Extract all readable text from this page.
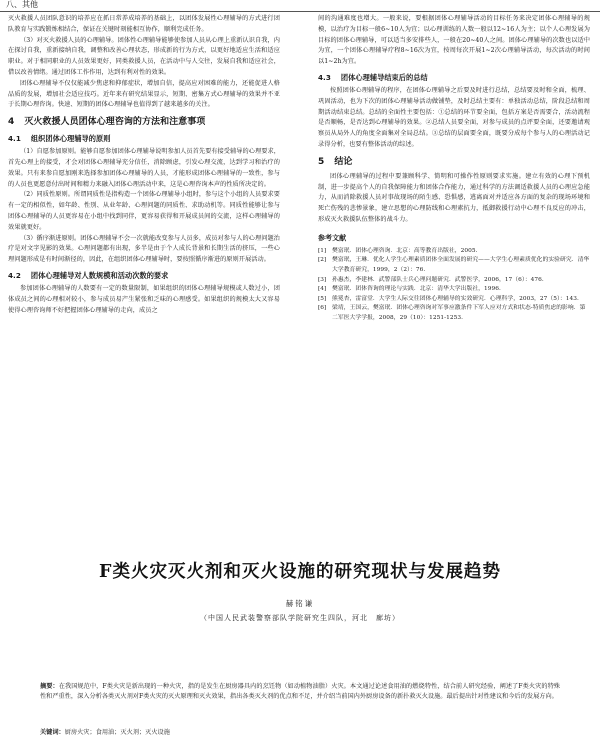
八、其他

灭火救援人员团队意识的培养应在抓日常养成培养的基础上，以团体发展性心理辅导的方式进行团队教育与实践锻炼相结合，保证在关键时刻能相互协作，顺利完成任务。

（3）对灭火救援人员的心理辅导。团体性心理辅导能够使参加人员从心理上重新认识自我，内在探讨自我，重新接纳自我，调整和改善心理状态，形成新的行为方式，以更好地适应生活和适应职业。对于相同职业的人员效果更好，同类救援人员，在活动中与人交往，发展自我和适应社会，借以改善情绪。通过团体工作作用，达到有利对性的效果。

团体心理辅导不仅仅能减少焦虑和抑郁症状，增加自信，提高应对困难的能力，还能促进人格品质的发展，增加社会适应技巧。近年来有研究结果显示，短期、密集方式心理辅导的效果并不亚于长期心理咨询。快速、短期的团体心理辅导也值得到了越来越多的关注。

4 灭火救援人员团体心理咨询的方法和注意事项
4.1 组织团体心理辅导的原则

（1）自愿参加原则。能够自愿参加团体心理辅导说明参加人员首先要有接受辅导的心理要求，首先心理上的接受，才会对团体心理辅导充分信任，消除顾虑，引发心理交流，达到学习和治疗的效果。只有来参自愿加刚来选择参加团体心理辅导的人员，才能形成团体心理辅导的一致性，参与的人员也更愿意付出时间和精力来融入团体心理活动中来，这是心理咨询本声的性质所决定的。

（2）同质性原则。所谓同质性是指构造一个团体心理辅导小组时，参与这个小组的人员要求要有一定的相似性，如年龄、性别、从业年龄、心理问题的同质性、求助动机等。同质性能够让参与团体心理辅导的人员更容易在小组中找到同伴，更容易获得和开展成员间的交流，这样心理辅导的效果就更好。

（3）循序渐进原则。团体心理辅导不会一次就能改变参与人员多，成员对参与人的心理问题治疗是对文字见影的效果。心理问题都有出现，多半是由于个人成长背景和长期生活的挤压，一些心理问题形成是有时间渐径的，因此，在组织团体心理辅导时，要按照循序渐进的原则开展活动。

4.2 团体心理辅导对人数规模和活动次数的要求

参加团体心理辅导的人数要有一定的数量限制，如果组织的团体心理辅导规模或人数过小，团体成员之间的心理相对较小，参与成员易产生紧张和乏味的心理感受。如果组织的规模太大又容易使得心理咨询师不好把握团体心理辅导的走向，成员之

间的沟通难度也增大。一般来说，要根据团体心理辅导活动的目标任务来决定团体心理辅导的规模，以治疗为目标一般6~10人为宜；以心理训练的人数一般以12~16人为主；以个人心理发展为目标的团体心理辅导，可以适当多安排些人，一般在20~40人之间。团体心理辅导的次数也以适中为宜，一个团体心理辅导疗程8~16次为宜，按周每次开展1~2次心理辅导活动，每次活动的时间以1~2h为宜。

4.3 团体心理辅导结束后的总结

按照团体心理辅导的程序，在团体心理辅导之后要及时进行总结，总结要及时和全面，梳理、巩固活动，也为下次的团体心理辅导活动做铺垫，及时总结主要有：单独活动总结，阶段总结和周期活动结束总结。总结的全面性主要包括：①总结的环节要全面，包括方案是否需要合，活动流程是否顺畅，是否达到心理辅导的效果。②总结人员要全面，对参与成员的点评要全面，还要邀请观察员从局外人的角度全面集对全局总结。③总结的层面要全面，既要分成每个参与人的心理活动记录得分析，也要有整体活动的综述。

5 结论

团体心理辅导的过程中要兼顾科学、简明和可操作性原则要求实施。建立有效的心理下预机制，进一步提高个人的自我保障能力和团体合作能力，通过科学的方法调适救援人员的心理应急能力，从而消除救援人员对事故现场的陌生感、恐惧感，逃离面对并适应各方面的复杂的现场环境和死亡伤残的悲惨景象，建立思想的心理防线和心理素抗力，抵御救援行动中心理不良反应的冲击，形成灭火救援队伍整体的战斗力。

参考文献
[1] 樊富珉．团体心理咨询．北京：高等教育出版社，2005.
[2] 樊富珉，王琳．优化人学生心理素质团体全面发展的研究——大学生心理素质优化的实验研究．清华大学教育研究，1999，2（2）：76.
[3] 孙惠杰，李建林．武警部队士兵心理问题研究．武警医学，2006，17（6）：476.
[4] 樊富珉．团体咨询的理论与实践．北京：清华大学出版社，1996.
[5] 熊冕杏，雷富堂．大学生人际交往团体心理辅导的实效研究．心理科学，2003，27（5）：143.
[6] 梁靖，王国云，樊富珉．团体心理咨询对军事应激条件下军人应对方式和状态-特质焦虑的影响．第二军医大学学报，2008，29（10）：1251-1253.
F类火灾灭火剂和灭火设施的研究现状与发展趋势
赫铭谦
（中国人民武装警察部队学院研究生四队，河北　廊坊）
摘要：在我国规范中，F类火灾是新出现的一种火灾，指的是发生在厨房器具内的烹饪物（如动植物油脂）火灾。本文通过论述食用油的燃烧特性，结合前人研究经验，阐述了F类火灾的特殊性和严重性，深入分析各类灭火剂对F类火灾的灭火原理和灭火效果，指出各类灭火剂的优点和不足，并介绍当前国内外厨房设备的新扑救灭火设施。最后提出针对性建议和今后的发展方向。
关键词：厨房火灾；食用油；灭火剂；灭火设施
